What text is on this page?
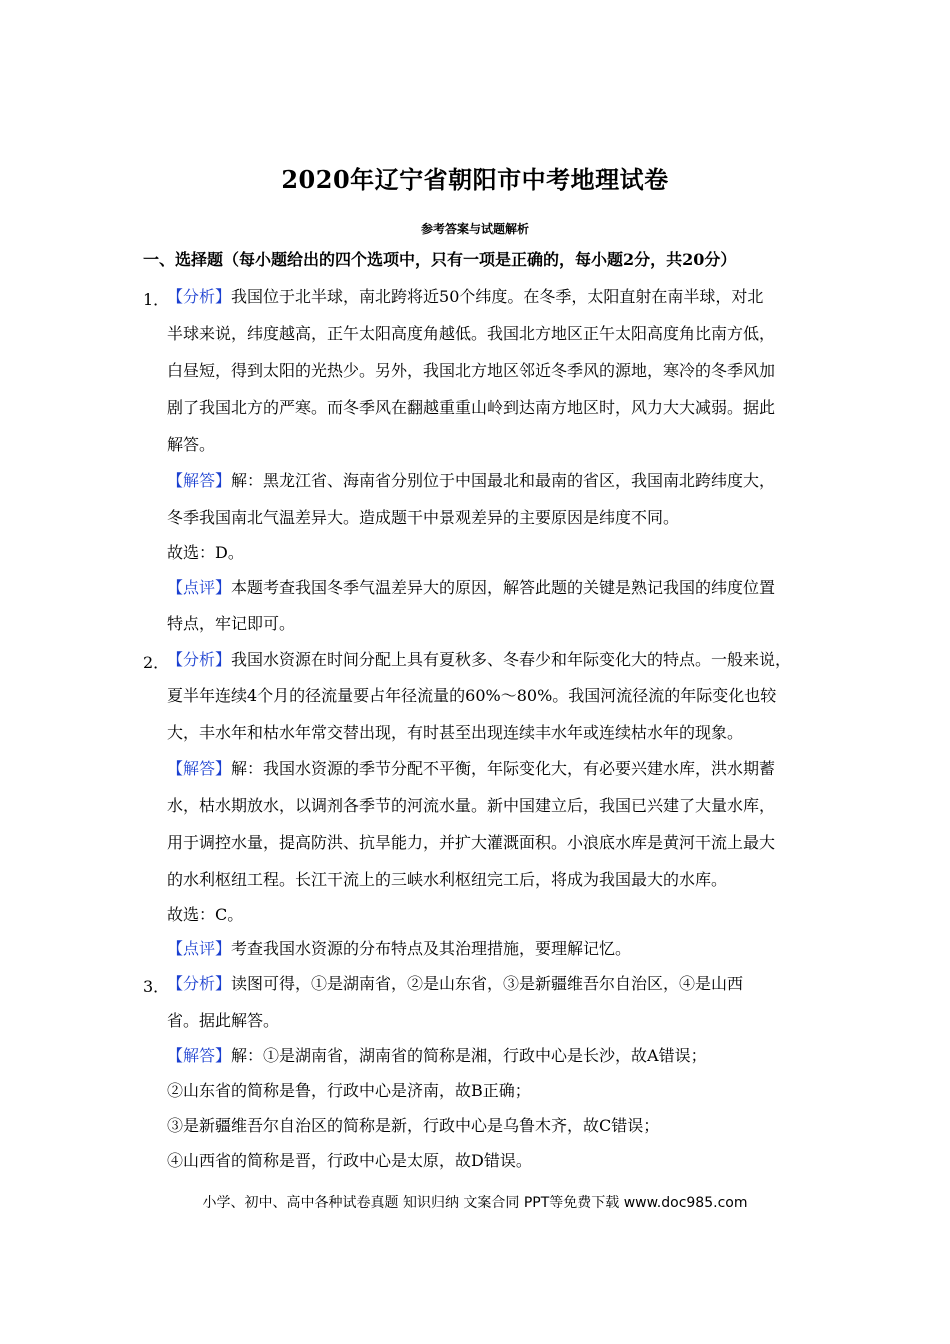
2020年辽宁省朝阳市中考地理试卷
参考答案与试题解析
一、选择题（每小题给出的四个选项中，只有一项是正确的，每小题2分，共20分）
1．
【分析】我国位于北半球，南北跨将近50个纬度。在冬季，太阳直射在南半球，对北
半球来说，纬度越高，正午太阳高度角越低。我国北方地区正午太阳高度角比南方低，
白昼短，得到太阳的光热少。另外，我国北方地区邻近冬季风的源地，寒冷的冬季风加
剧了我国北方的严寒。而冬季风在翻越重重山岭到达南方地区时，风力大大减弱。据此
解答。
【解答】解：黑龙江省、海南省分别位于中国最北和最南的省区，我国南北跨纬度大，
冬季我国南北气温差异大。造成题干中景观差异的主要原因是纬度不同。
故选：D。
【点评】本题考查我国冬季气温差异大的原因，解答此题的关键是熟记我国的纬度位置
特点，牢记即可。
2．
【分析】我国水资源在时间分配上具有夏秋多、冬春少和年际变化大的特点。一般来说，
夏半年连续4个月的径流量要占年径流量的60%～80%。我国河流径流的年际变化也较
大，丰水年和枯水年常交替出现，有时甚至出现连续丰水年或连续枯水年的现象。
【解答】解：我国水资源的季节分配不平衡，年际变化大，有必要兴建水库，洪水期蓄
水，枯水期放水，以调剂各季节的河流水量。新中国建立后，我国已兴建了大量水库，
用于调控水量，提高防洪、抗旱能力，并扩大灌溉面积。小浪底水库是黄河干流上最大
的水利枢纽工程。长江干流上的三峡水利枢纽完工后，将成为我国最大的水库。
故选：C。
【点评】考查我国水资源的分布特点及其治理措施，要理解记忆。
3．
【分析】读图可得，①是湖南省，②是山东省，③是新疆维吾尔自治区，④是山西
省。据此解答。
【解答】解：①是湖南省，湖南省的简称是湘，行政中心是长沙，故A错误；
②山东省的简称是鲁，行政中心是济南，故B正确；
③是新疆维吾尔自治区的简称是新，行政中心是乌鲁木齐，故C错误；
④山西省的简称是晋，行政中心是太原，故D错误。
小学、初中、高中各种试卷真题 知识归纳 文案合同 PPT等免费下载 www.doc985.com
